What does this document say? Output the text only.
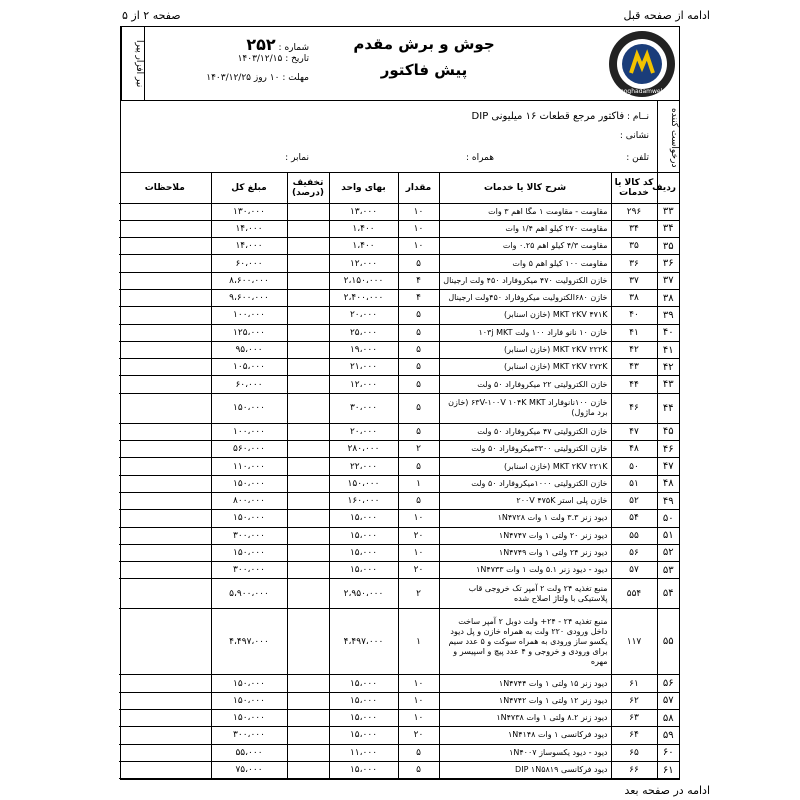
ادامه از صفحه قبل
صفحه ۲ از ۵
moghadamweld
جوش و برش مقدم
پیش فاکتور
شماره : ۲۵۲
تاریخ : ۱۴۰۳/۱۲/۱۵
مهلت : ۱۰ روز ۱۴۰۳/۱۲/۲۵
نیر افزار پیرا
درخواست کننده
نــام : فاکتور مرجع قطعات ۱۶ میلیونی DIP
نشانی :
تلفن :
همراه :
نمابر :
ردیف	کد کالا یا خدمات	شرح کالا یا خدمات	مقدار	بهای واحد	تخفیف (درصد)	مبلغ کل	ملاحظات
۳۳	۲۹۶	مقاومت - مقاومت ۱ مگا اهم ۳ وات	۱۰	۱۳،۰۰۰		۱۳۰،۰۰۰	
۳۴	۳۴	مقاومت ۲۷۰ کیلو اهم ۱/۴ وات	۱۰	۱،۴۰۰		۱۴،۰۰۰	
۳۵	۳۵	مقاومت ۴/۳ کیلو اهم ۰.۲۵ وات	۱۰	۱،۴۰۰		۱۴،۰۰۰	
۳۶	۳۶	مقاومت ۱۰۰ کیلو اهم ۵ وات	۵	۱۲،۰۰۰		۶۰،۰۰۰	
۳۷	۳۷	خازن الکترولیت ۴۷۰ میکروفاراد ۴۵۰ ولت ارجینال	۴	۲،۱۵۰،۰۰۰		۸،۶۰۰،۰۰۰	
۳۸	۳۸	خازن ۶۸۰الکترولیت میکروفاراد ۴۵۰ولت ارجینال	۴	۲،۴۰۰،۰۰۰		۹،۶۰۰،۰۰۰	
۳۹	۴۰	MKT ۲KV ۴۷۱K (خازن اسنابر)	۵	۲۰،۰۰۰		۱۰۰،۰۰۰	
۴۰	۴۱	خازن ۱۰ نانو فاراد ۱۰۰ ولت ۱۰۳j MKT	۵	۲۵،۰۰۰		۱۲۵،۰۰۰	
۴۱	۴۲	MKT ۲KV ۲۲۲K (خازن اسنابر)	۵	۱۹،۰۰۰		۹۵،۰۰۰	
۴۲	۴۳	MKT ۲KV ۲۷۲K (خازن اسنابر)	۵	۲۱،۰۰۰		۱۰۵،۰۰۰	
۴۳	۴۴	خازن الکترولیتی ۲۲ میکروفاراد ۵۰ ولت	۵	۱۲،۰۰۰		۶۰،۰۰۰	
۴۴	۴۶	خازن ۱۰۰نانوفاراد ۶۳V-۱۰۰V ۱۰۴K MKT (خازن برد ماژول)	۵	۳۰،۰۰۰		۱۵۰،۰۰۰	
۴۵	۴۷	خازن الکترولیتی ۴۷ میکروفاراد ۵۰ ولت	۵	۲۰،۰۰۰		۱۰۰،۰۰۰	
۴۶	۴۸	خازن الکترولیتی ۳۳۰۰میکروفاراد ۵۰ ولت	۲	۲۸۰،۰۰۰		۵۶۰،۰۰۰	
۴۷	۵۰	MKT ۲KV ۲۲۱K (خازن اسنابر)	۵	۲۲،۰۰۰		۱۱۰،۰۰۰	
۴۸	۵۱	خازن الکترولیتی ۱۰۰۰میکروفاراد ۵۰ ولت	۱	۱۵۰،۰۰۰		۱۵۰،۰۰۰	
۴۹	۵۲	خازن پلی استر ۲۰۰V ۴۷۵K	۵	۱۶۰،۰۰۰		۸۰۰،۰۰۰	
۵۰	۵۴	دیود زنر ۳.۳ ولت ۱ وات ۱N۴۷۲۸	۱۰	۱۵،۰۰۰		۱۵۰،۰۰۰	
۵۱	۵۵	دیود زنر ۲۰ ولتی ۱ وات ۱N۴۷۴۷	۲۰	۱۵،۰۰۰		۳۰۰،۰۰۰	
۵۲	۵۶	دیود زنر ۲۴ ولتی ۱ وات ۱N۴۷۴۹	۱۰	۱۵،۰۰۰		۱۵۰،۰۰۰	
۵۳	۵۷	دیود - دیود زنر ۵.۱ ولت ۱ وات ۱N۴۷۳۳	۲۰	۱۵،۰۰۰		۳۰۰،۰۰۰	
۵۴	۵۵۴	منبع تغذیه ۲۴ ولت ۲ آمپر تک خروجی قاب پلاستیکی با ولتاژ اصلاح شده	۲	۲،۹۵۰،۰۰۰		۵،۹۰۰،۰۰۰	
۵۵	۱۱۷	منبع تغذیه ۲۴ - ۲۴+ ولت دوبل ۲ آمپر ساخت داخل ورودی ۲۲۰ ولت به همراه خازن و پل دیود یکسو ساز ورودی به همراه سوکت و ۵ عدد سیم برای ورودی و خروجی و ۴ عدد پیچ و اسپیسر و مهره	۱	۴،۴۹۷،۰۰۰		۴،۴۹۷،۰۰۰	
۵۶	۶۱	دیود زنر ۱۵ ولتی ۱ وات ۱N۴۷۴۴	۱۰	۱۵،۰۰۰		۱۵۰،۰۰۰	
۵۷	۶۲	دیود زنر ۱۲ ولتی ۱ وات ۱N۴۷۴۲	۱۰	۱۵،۰۰۰		۱۵۰،۰۰۰	
۵۸	۶۳	دیود زنر ۸.۲ ولتی ۱ وات ۱N۴۷۳۸	۱۰	۱۵،۰۰۰		۱۵۰،۰۰۰	
۵۹	۶۴	دیود فرکانسی ۱ وات ۱N۴۱۴۸	۲۰	۱۵،۰۰۰		۳۰۰،۰۰۰	
۶۰	۶۵	دیود - دیود یکسوساز ۱N۴۰۰۷	۵	۱۱،۰۰۰		۵۵،۰۰۰	
۶۱	۶۶	دیود فرکانسی DIP ۱N۵۸۱۹	۵	۱۵،۰۰۰		۷۵،۰۰۰	
ادامه در صفحه بعد
